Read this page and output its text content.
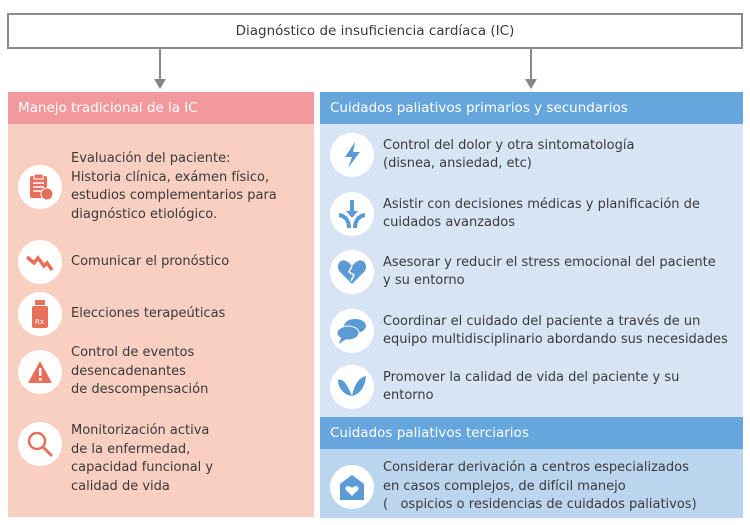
Diagnóstico de insuficiencia cardíaca (IC)
Manejo tradicional de la IC
Evaluación del paciente:
Historia clínica, exámen físico,
estudios complementarios para
diagnóstico etiológico.
Comunicar el pronóstico
Rx
Elecciones terapeúticas
Control de eventos
desencadenantes
de descompensación
Monitorización activa
de la enfermedad,
capacidad funcional y
calidad de vida
Cuidados paliativos primarios y secundarios
Control del dolor y otra sintomatología
(disnea, ansiedad, etc)
Asistir con decisiones médicas y planificación de
cuidados avanzados
Asesorar y reducir el stress emocional del paciente
y su entorno
Coordinar el cuidado del paciente a través de un
equipo multidisciplinario abordando sus necesidades
Promover la calidad de vida del paciente y su
entorno
Cuidados paliativos terciarios
Considerar derivación a centros especializados
en casos complejos, de difícil manejo
(   ospicios o residencias de cuidados paliativos)
